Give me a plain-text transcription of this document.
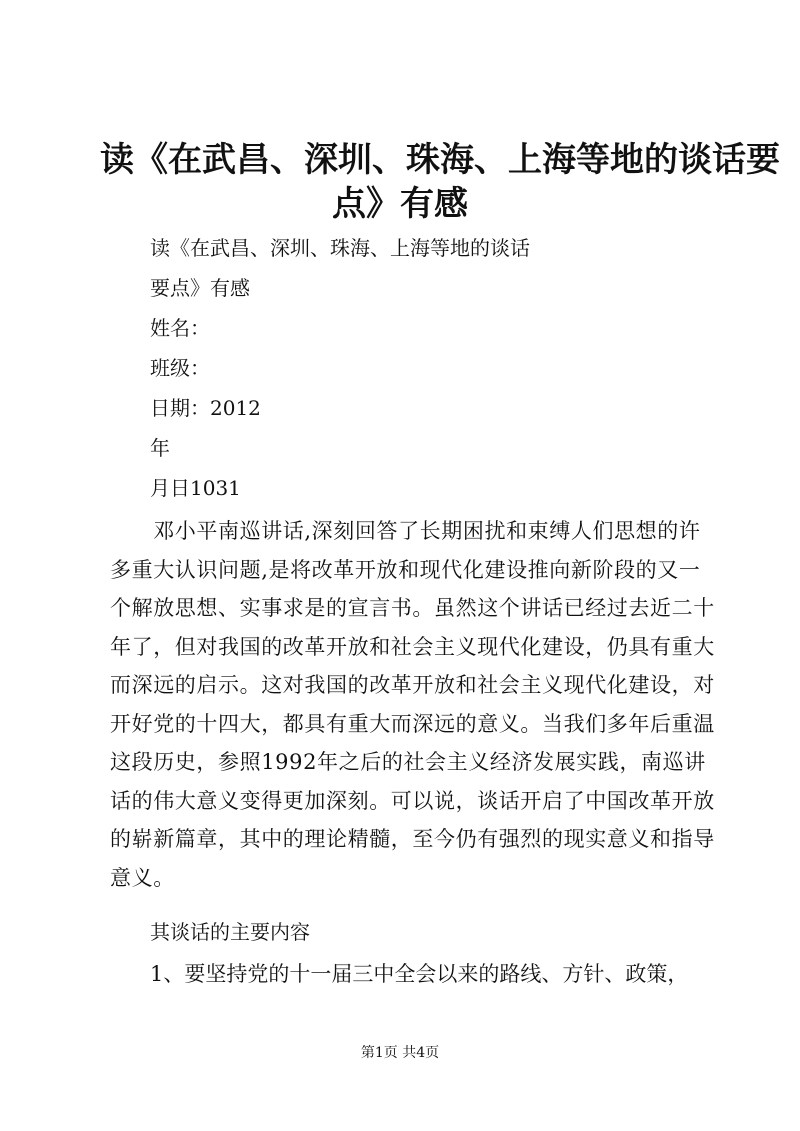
读《在武昌、深圳、珠海、上海等地的谈话要
点》有感
读《在武昌、深圳、珠海、上海等地的谈话
要点》有感
姓名：
班级：
日期：2012
年
月日1031
　　邓小平南巡讲话,深刻回答了长期困扰和束缚人们思想的许
多重大认识问题,是将改革开放和现代化建设推向新阶段的又一
个解放思想、实事求是的宣言书。虽然这个讲话已经过去近二十
年了，但对我国的改革开放和社会主义现代化建设，仍具有重大
而深远的启示。这对我国的改革开放和社会主义现代化建设，对
开好党的十四大，都具有重大而深远的意义。当我们多年后重温
这段历史，参照1992年之后的社会主义经济发展实践，南巡讲
话的伟大意义变得更加深刻。可以说，谈话开启了中国改革开放
的崭新篇章，其中的理论精髓，至今仍有强烈的现实意义和指导
意义。
其谈话的主要内容
1、要坚持党的十一届三中全会以来的路线、方针、政策，
第1页 共4页
